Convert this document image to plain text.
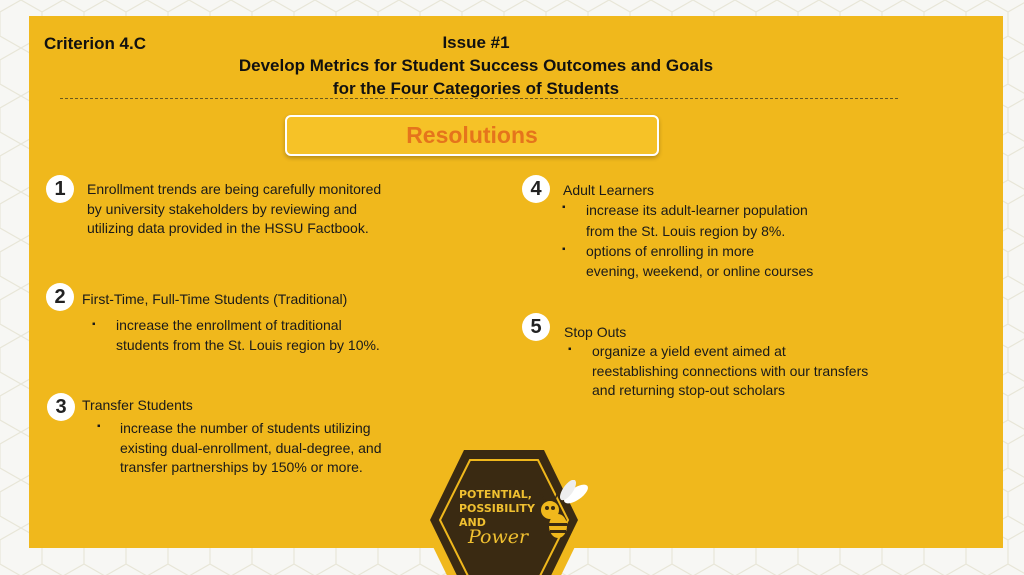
Criterion 4.C	Issue #1
Develop Metrics for Student Success Outcomes and Goals
for the Four Categories of Students
Resolutions
1	Enrollment trends are being carefully monitored
by university stakeholders by reviewing and
utilizing data provided in the HSSU Factbook.
2	First-Time, Full-Time Students (Traditional)
▪ increase the enrollment of traditional
students from the St. Louis region by 10%.
3	Transfer Students
▪ increase the number of students utilizing
existing dual-enrollment, dual-degree, and
transfer partnerships by 150% or more.
4	Adult Learners
▪ increase its adult-learner population
from the St. Louis region by 8%.
▪ options of enrolling in more
evening, weekend, or online courses
5	Stop Outs
▪ organize a yield event aimed at
reestablishing connections with our transfers
and returning stop-out scholars
POTENTIAL,
POSSIBILITY
AND
Power
